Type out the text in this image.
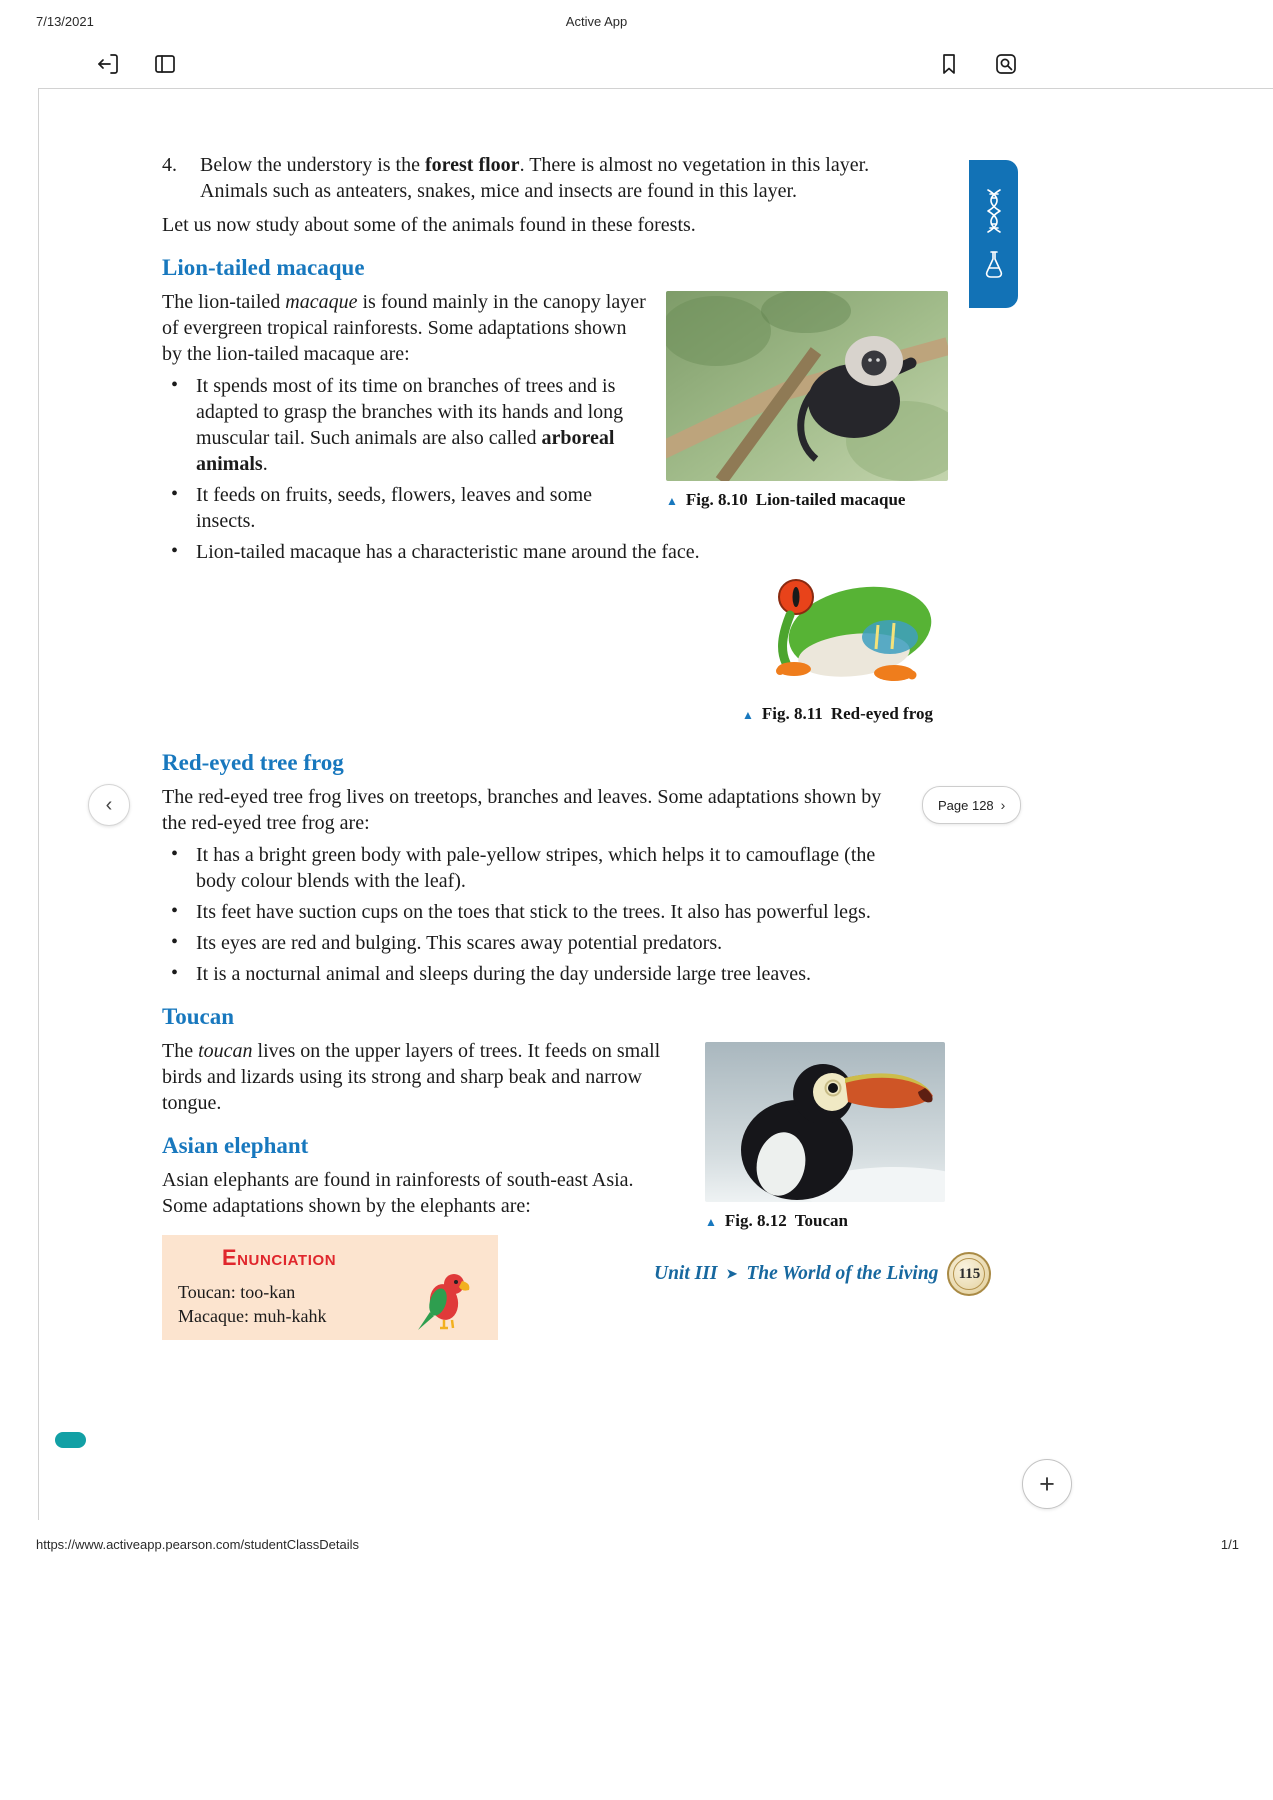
7/13/2021	Active App
https://www.activeapp.pearson.com/studentClassDetails	1/1
4.	Below the understory is the forest floor. There is almost no vegetation in this layer. Animals such as anteaters, snakes, mice and insects are found in this layer.
Let us now study about some of the animals found in these forests.
Lion-tailed macaque
▲ Fig. 8.10 Lion-tailed macaque
The lion-tailed macaque is found mainly in the canopy layer of evergreen tropical rainforests. Some adaptations shown by the lion-tailed macaque are:
• It spends most of its time on branches of trees and is adapted to grasp the branches with its hands and long muscular tail. Such animals are also called arboreal animals.
• It feeds on fruits, seeds, flowers, leaves and some insects.
▲ Fig. 8.11 Red-eyed frog
• Lion-tailed macaque has a characteristic mane around the face.
Red-eyed tree frog
The red-eyed tree frog lives on treetops, branches and leaves. Some adaptations shown by the red-eyed tree frog are:
• It has a bright green body with pale-yellow stripes, which helps it to camouflage (the body colour blends with the leaf).
• Its feet have suction cups on the toes that stick to the trees. It also has powerful legs.
• Its eyes are red and bulging. This scares away potential predators.
• It is a nocturnal animal and sleeps during the day underside large tree leaves.
Toucan
▲ Fig. 8.12 Toucan
The toucan lives on the upper layers of trees. It feeds on small birds and lizards using its strong and sharp beak and narrow tongue.
Asian elephant
Asian elephants are found in rainforests of south-east Asia. Some adaptations shown by the elephants are:
ENUNCIATION
Toucan: too-kan
Macaque: muh-kahk
Unit III ➤ The World of the Living	115
‹	Page 128 ›
+
